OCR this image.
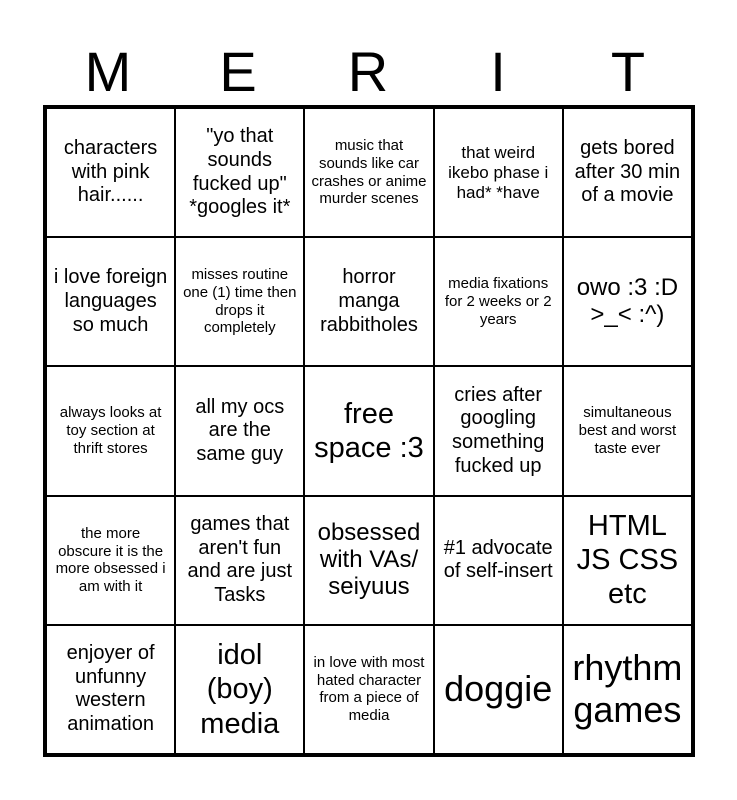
M	E	R	I	T
characters with pink hair......
"yo that sounds fucked up" *googles it*
music that sounds like car crashes or anime murder scenes
that weird ikebo phase i had* *have
gets bored after 30 min of a movie
i love foreign languages so much
misses routine one (1) time then drops it completely
horror manga rabbitholes
media fixations for 2 weeks or 2 years
owo :3 :D >_< :^)
always looks at toy section at thrift stores
all my ocs are the same guy
free space :3
cries after googling something fucked up
simultaneous best and worst taste ever
the more obscure it is the more obsessed i am with it
games that aren't fun and are just Tasks
obsessed with VAs/ seiyuus
#1 advocate of self-insert
HTML JS CSS etc
enjoyer of unfunny western animation
idol (boy) media
in love with most hated character from a piece of media
doggie
rhythm games
